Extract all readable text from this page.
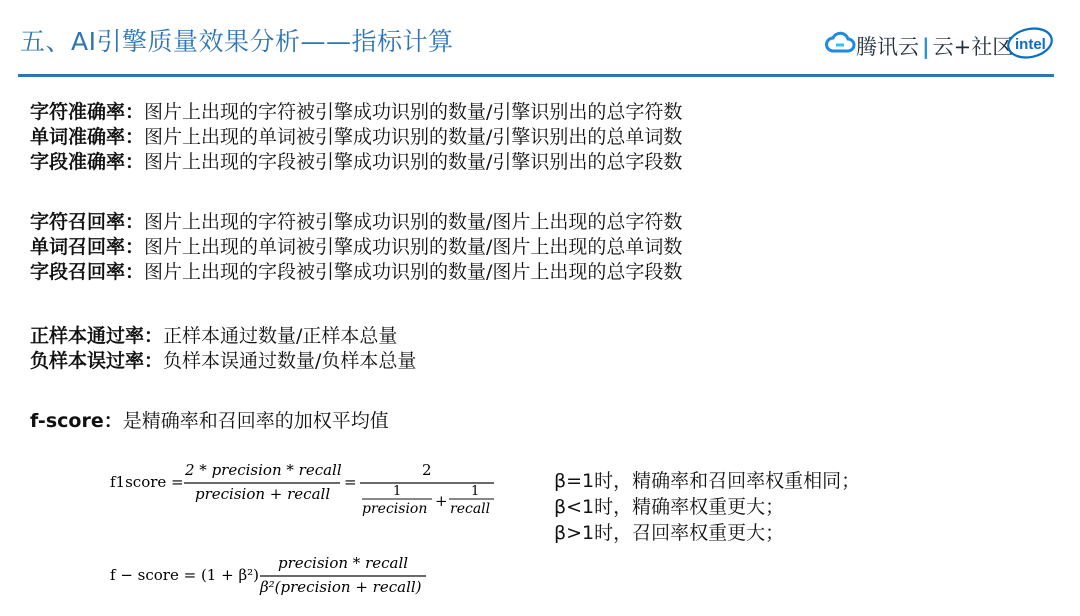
五、AI引擎质量效果分析——指标计算	腾讯云 | 云+社区 intel
字符准确率：图片上出现的字符被引擎成功识别的数量/引擎识别出的总字符数
单词准确率：图片上出现的单词被引擎成功识别的数量/引擎识别出的总单词数
字段准确率：图片上出现的字段被引擎成功识别的数量/引擎识别出的总字段数
字符召回率：图片上出现的字符被引擎成功识别的数量/图片上出现的总字符数
单词召回率：图片上出现的单词被引擎成功识别的数量/图片上出现的总单词数
字段召回率：图片上出现的字段被引擎成功识别的数量/图片上出现的总字段数
正样本通过率：正样本通过数量/正样本总量
负样本误过率：负样本误通过数量/负样本总量
f-score：是精确率和召回率的加权平均值
f1score =
2 * precision * recall
precision + recall
=
2
1
precision +
1
recall
f − score = (1 + β²)
precision * recall
β²(precision + recall)
β=1时，精确率和召回率权重相同；
β<1时，精确率权重更大；
β>1时，召回率权重更大；
